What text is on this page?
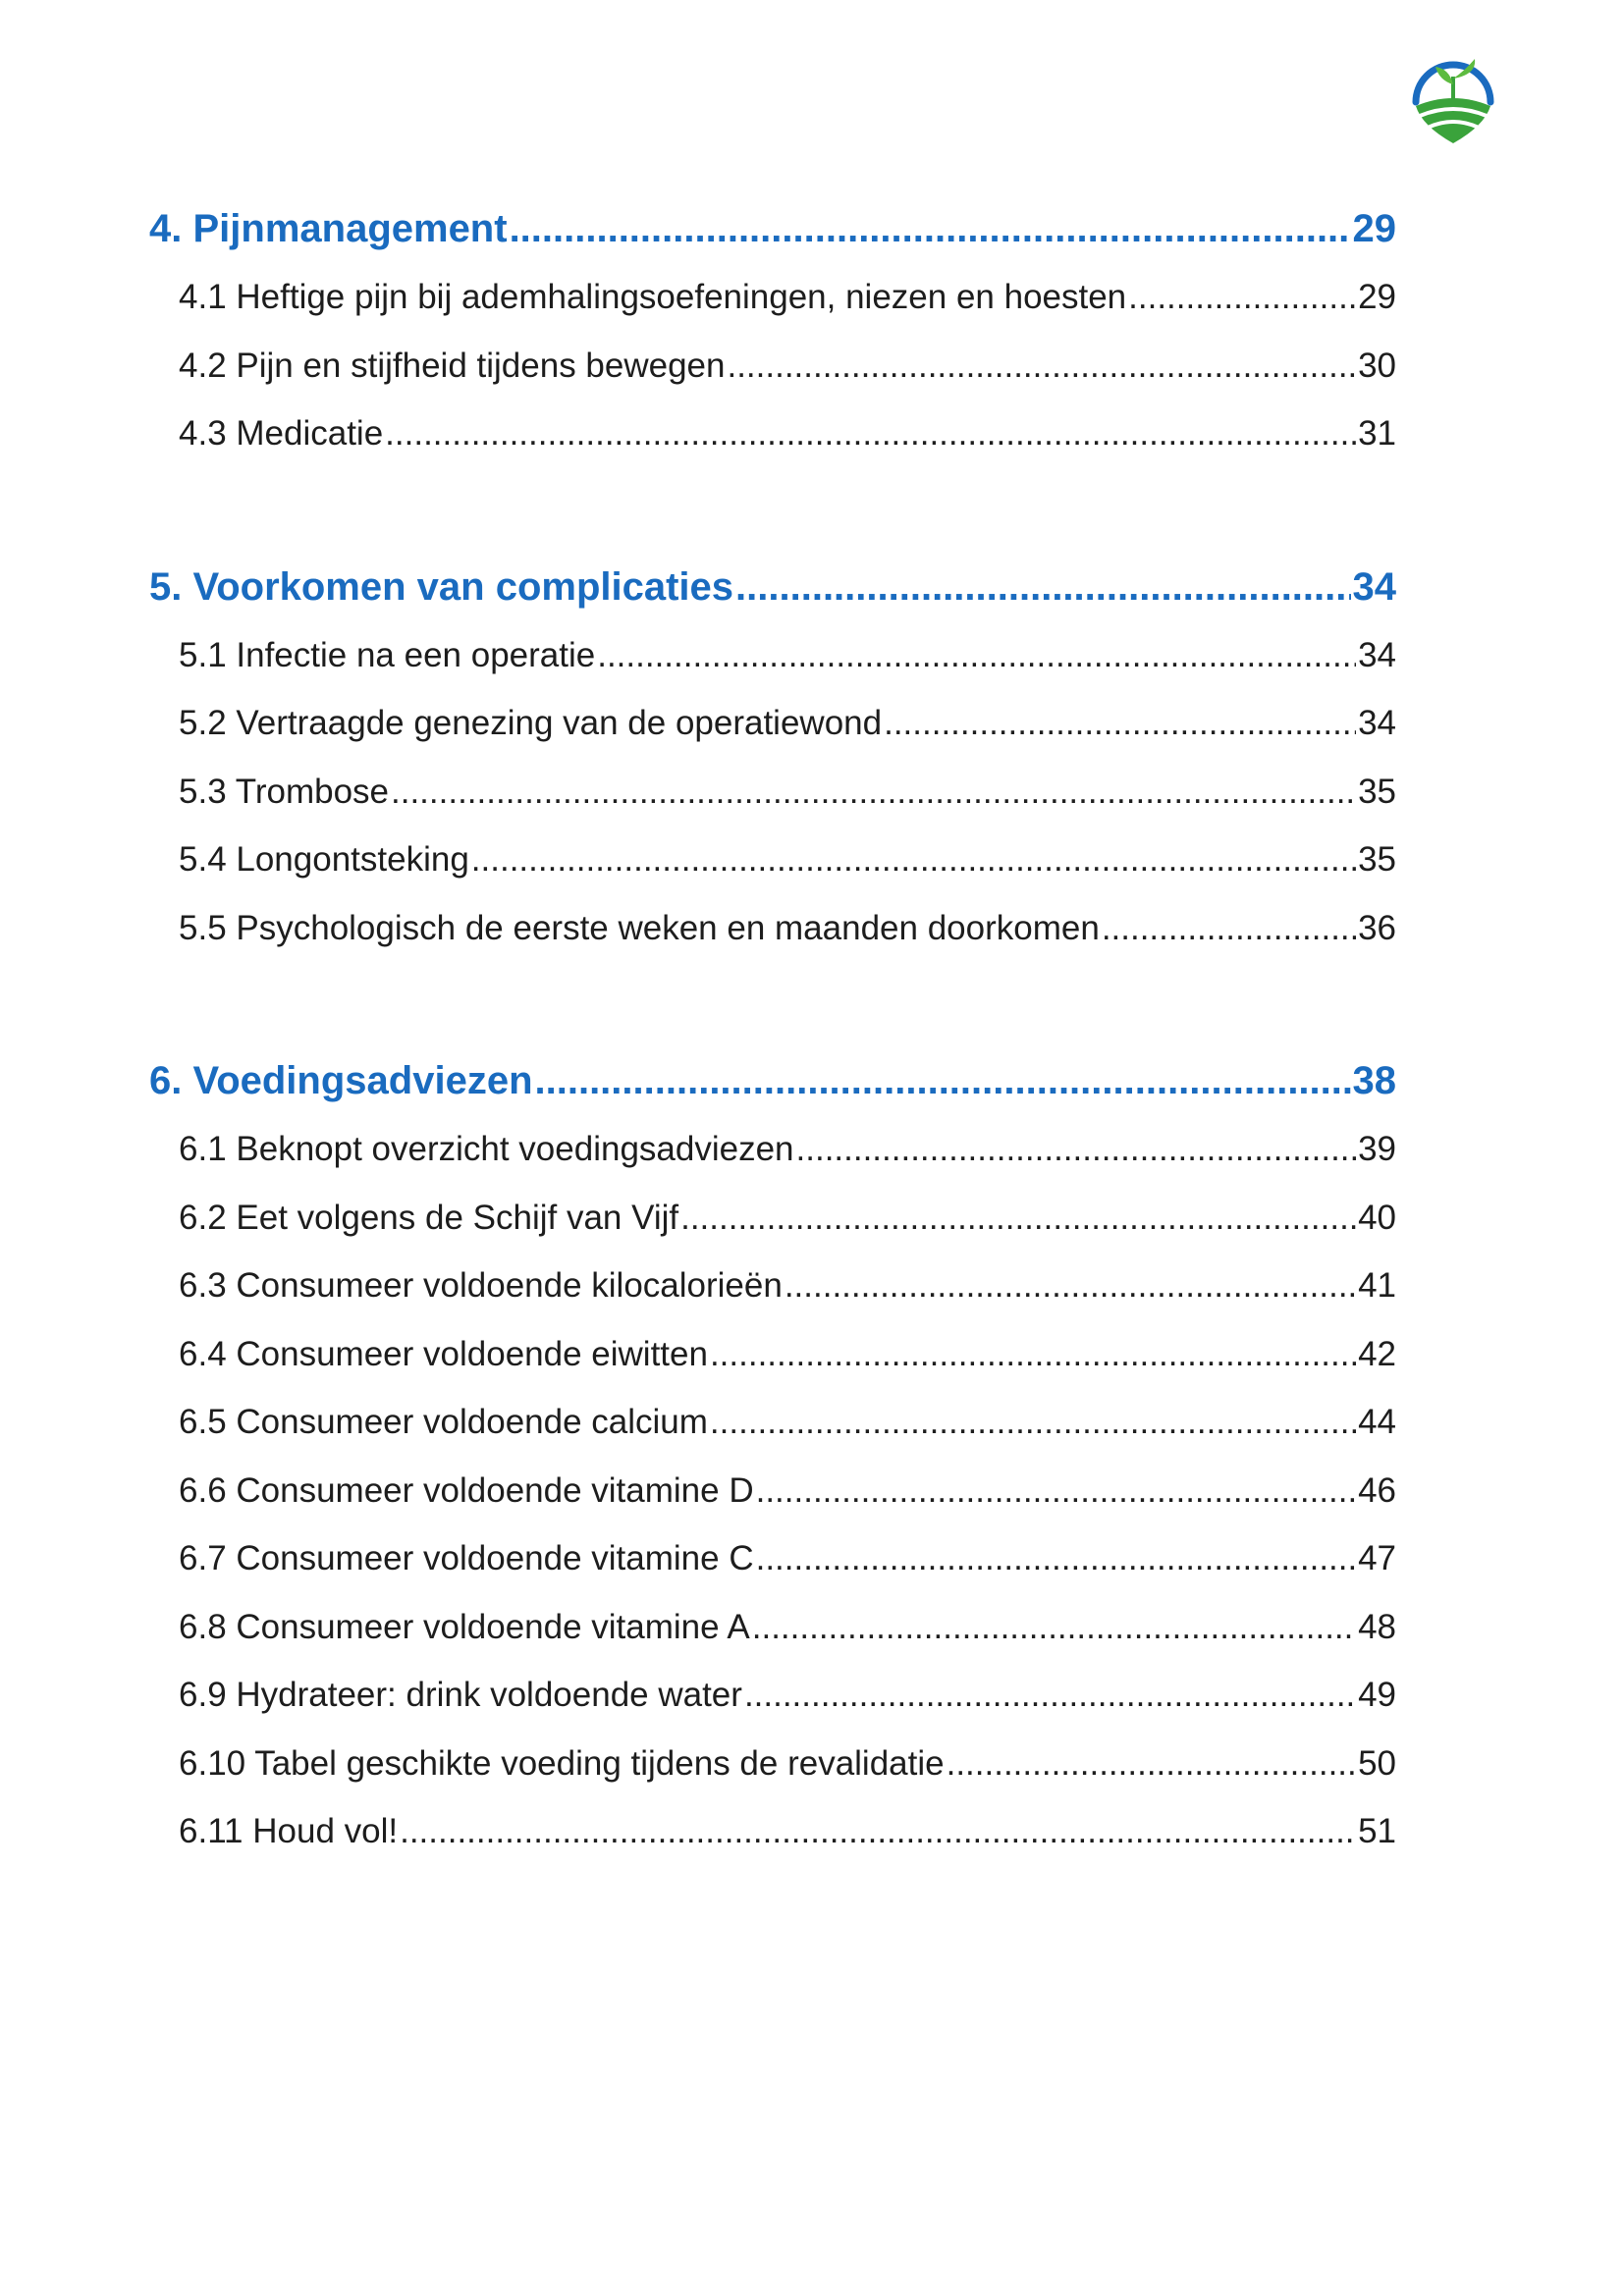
4. Pijnmanagement .....	29
4.1 Heftige pijn bij ademhalingsoefeningen, niezen en hoesten .....	29
4.2 Pijn en stijfheid tijdens bewegen .....	30
4.3 Medicatie .....	31
5. Voorkomen van complicaties .....	34
5.1 Infectie na een operatie .....	34
5.2 Vertraagde genezing van de operatiewond .....	34
5.3 Trombose .....	35
5.4 Longontsteking .....	35
5.5 Psychologisch de eerste weken en maanden doorkomen .....	36
6. Voedingsadviezen .....	38
6.1 Beknopt overzicht voedingsadviezen .....	39
6.2 Eet volgens de Schijf van Vijf .....	40
6.3 Consumeer voldoende kilocalorieën .....	41
6.4 Consumeer voldoende eiwitten .....	42
6.5 Consumeer voldoende calcium .....	44
6.6 Consumeer voldoende vitamine D .....	46
6.7 Consumeer voldoende vitamine C .....	47
6.8 Consumeer voldoende vitamine A .....	48
6.9 Hydrateer: drink voldoende water .....	49
6.10 Tabel geschikte voeding tijdens de revalidatie .....	50
6.11 Houd vol! .....	51
